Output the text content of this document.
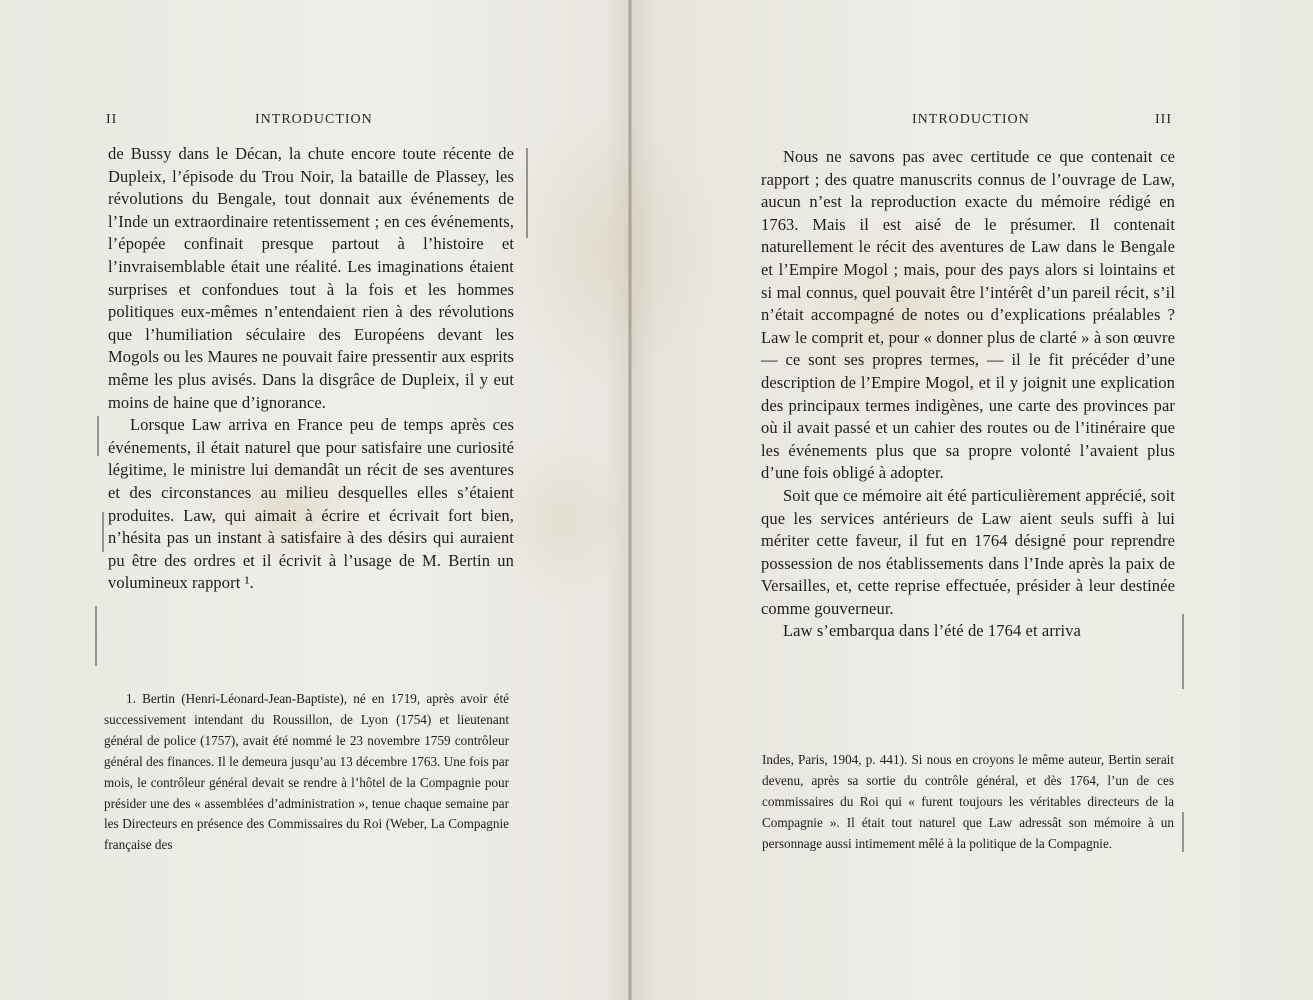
II	INTRODUCTION

de Bussy dans le Décan, la chute encore toute récente de Dupleix, l’épisode du Trou Noir, la bataille de Plassey, les révolutions du Bengale, tout donnait aux événements de l’Inde un extraordinaire retentissement ; en ces événements, l’épopée confinait presque partout à l’histoire et l’invraisemblable était une réalité. Les imaginations étaient surprises et confondues tout à la fois et les hommes politiques eux-mêmes n’entendaient rien à des révolutions que l’humiliation séculaire des Européens devant les Mogols ou les Maures ne pouvait faire pressentir aux esprits même les plus avisés. Dans la disgrâce de Dupleix, il y eut moins de haine que d’ignorance.

Lorsque Law arriva en France peu de temps après ces événements, il était naturel que pour satisfaire une curiosité légitime, le ministre lui demandât un récit de ses aventures et des circonstances au milieu desquelles elles s’étaient produites. Law, qui aimait à écrire et écrivait fort bien, n’hésita pas un instant à satisfaire à des désirs qui auraient pu être des ordres et il écrivit à l’usage de M. Bertin un volumineux rapport ¹.

1. Bertin (Henri-Léonard-Jean-Baptiste), né en 1719, après avoir été successivement intendant du Roussillon, de Lyon (1754) et lieutenant général de police (1757), avait été nommé le 23 novembre 1759 contrôleur général des finances. Il le demeura jusqu’au 13 décembre 1763. Une fois par mois, le contrôleur général devait se rendre à l’hôtel de la Compagnie pour présider une des « assemblées d’administration », tenue chaque semaine par les Directeurs en présence des Commissaires du Roi (Weber, La Compagnie française des

INTRODUCTION	III

Nous ne savons pas avec certitude ce que contenait ce rapport ; des quatre manuscrits connus de l’ouvrage de Law, aucun n’est la reproduction exacte du mémoire rédigé en 1763. Mais il est aisé de le présumer. Il contenait naturellement le récit des aventures de Law dans le Bengale et l’Empire Mogol ; mais, pour des pays alors si lointains et si mal connus, quel pouvait être l’intérêt d’un pareil récit, s’il n’était accompagné de notes ou d’explications préalables ? Law le comprit et, pour « donner plus de clarté » à son œuvre — ce sont ses propres termes, — il le fit précéder d’une description de l’Empire Mogol, et il y joignit une explication des principaux termes indigènes, une carte des provinces par où il avait passé et un cahier des routes ou de l’itinéraire que les événements plus que sa propre volonté l’avaient plus d’une fois obligé à adopter.

Soit que ce mémoire ait été particulièrement apprécié, soit que les services antérieurs de Law aient seuls suffi à lui mériter cette faveur, il fut en 1764 désigné pour reprendre possession de nos établissements dans l’Inde après la paix de Versailles, et, cette reprise effectuée, présider à leur destinée comme gouverneur.

Law s’embarqua dans l’été de 1764 et arriva

Indes, Paris, 1904, p. 441). Si nous en croyons le même auteur, Bertin serait devenu, après sa sortie du contrôle général, et dès 1764, l’un de ces commissaires du Roi qui « furent toujours les véritables directeurs de la Compagnie ». Il était tout naturel que Law adressât son mémoire à un personnage aussi intimement mêlé à la politique de la Compagnie.
